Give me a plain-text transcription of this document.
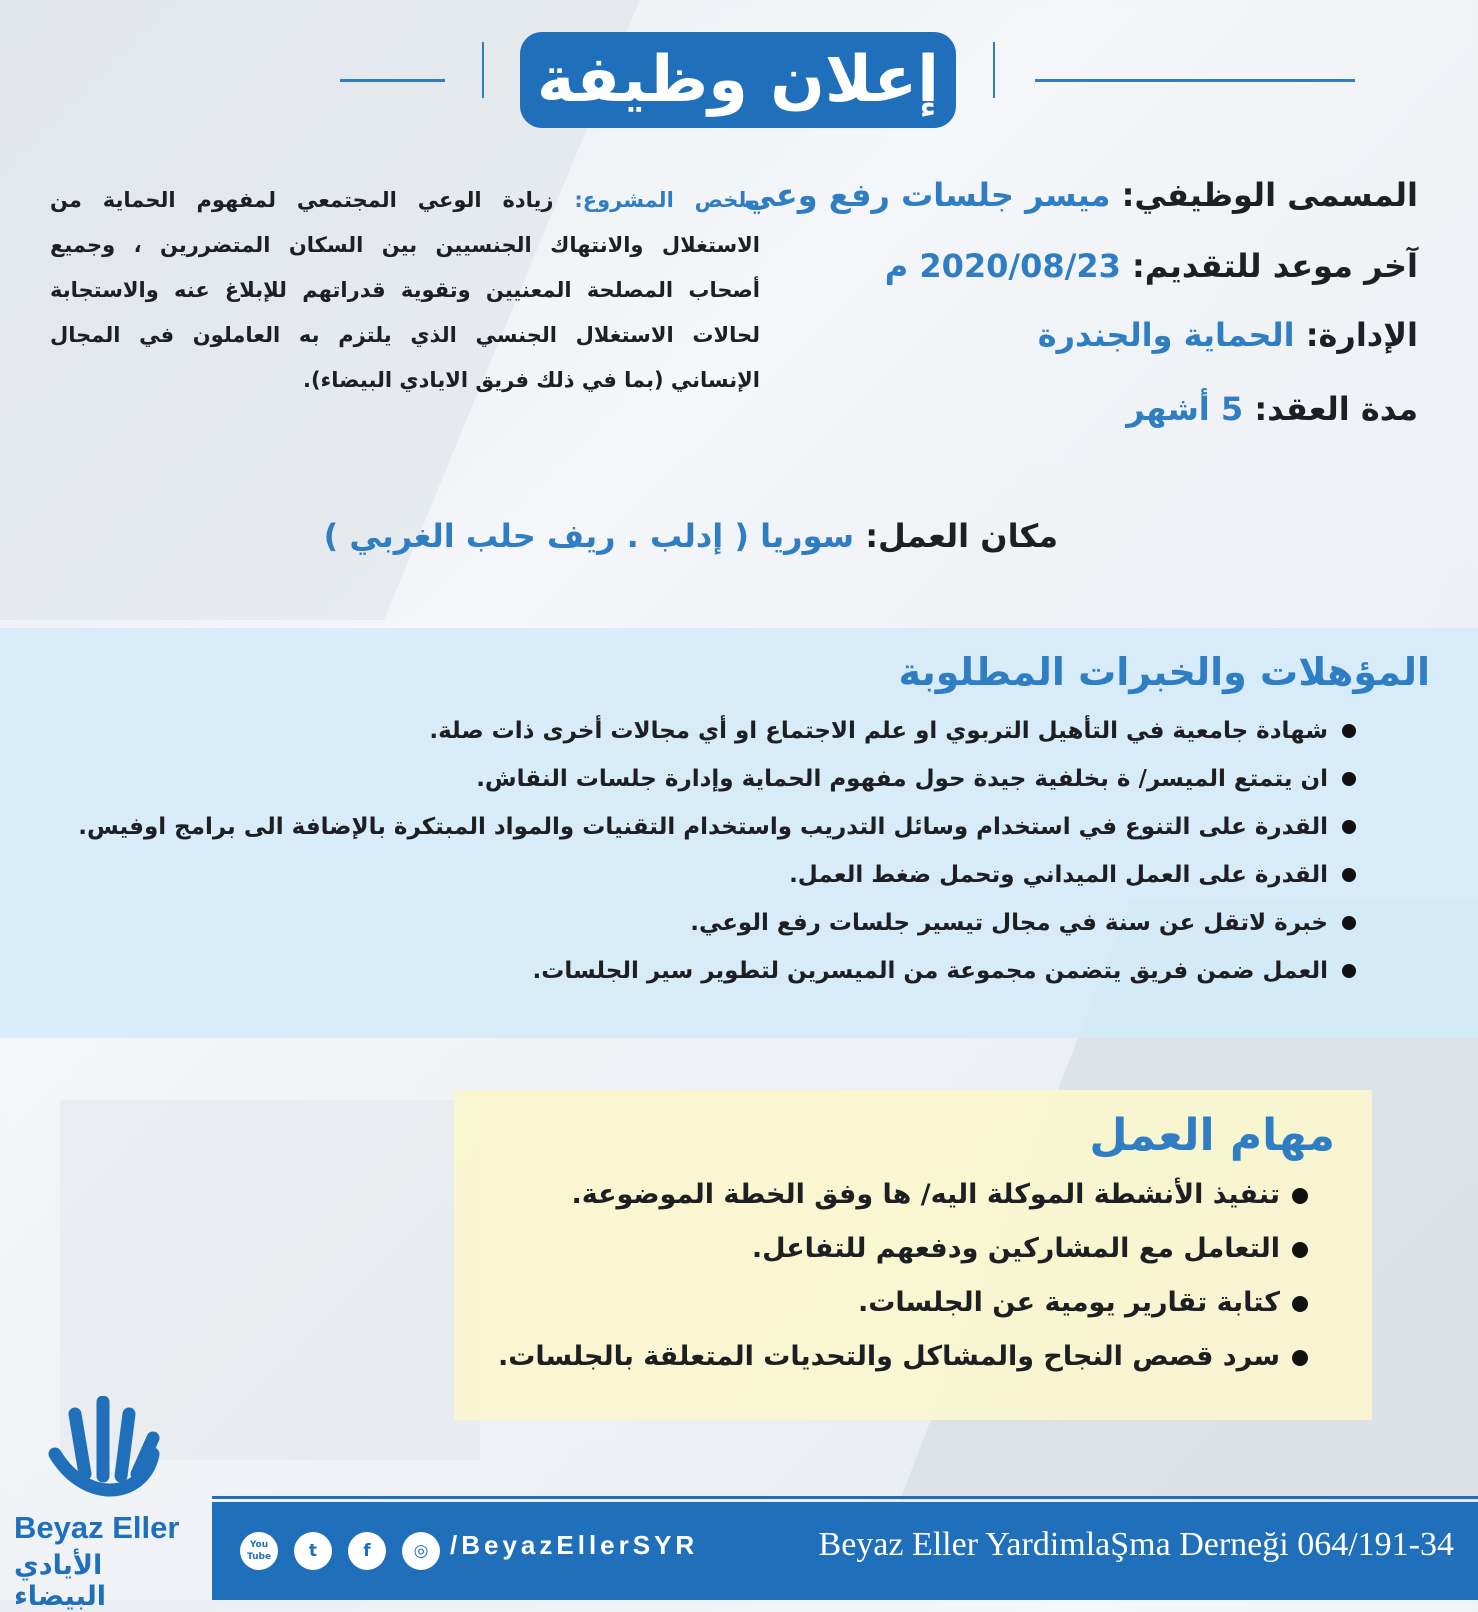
إعلان وظيفة
المسمى الوظيفي: ميسر جلسات رفع وعي
آخر موعد للتقديم: 2020/08/23 م
الإدارة: الحماية والجندرة
مدة العقد: 5 أشهر
مكان العمل: سوريا ( إدلب . ريف حلب الغربي )
ملخص المشروع: زيادة الوعي المجتمعي لمفهوم الحماية من الاستغلال والانتهاك الجنسيين بين السكان المتضررين ، وجميع أصحاب المصلحة المعنيين وتقوية قدراتهم للإبلاغ عنه والاستجابة لحالات الاستغلال الجنسي الذي يلتزم به العاملون في المجال الإنساني (بما في ذلك فريق الايادي البيضاء).
المؤهلات والخبرات المطلوبة
شهادة جامعية في التأهيل التربوي او علم الاجتماع او أي مجالات أخرى ذات صلة.
ان يتمتع الميسر/ ة بخلفية جيدة حول مفهوم الحماية وإدارة جلسات النقاش.
القدرة على التنوع في استخدام وسائل التدريب واستخدام التقنيات والمواد المبتكرة بالإضافة الى برامج اوفيس.
القدرة على العمل الميداني وتحمل ضغط العمل.
خبرة لاتقل عن سنة في مجال تيسير جلسات رفع الوعي.
العمل ضمن فريق يتضمن مجموعة من الميسرين لتطوير سير الجلسات.
مهام العمل
تنفيذ الأنشطة الموكلة اليه/ ها وفق الخطة الموضوعة.
التعامل مع المشاركين ودفعهم للتفاعل.
كتابة تقارير يومية عن الجلسات.
سرد قصص النجاح والمشاكل والتحديات المتعلقة بالجلسات.
Beyaz Eller
الأيادي البيضاء
You Tube	t	f	◎ /BeyazEllerSYR	Beyaz Eller YardimlaŞma Derneği 064/191-34
